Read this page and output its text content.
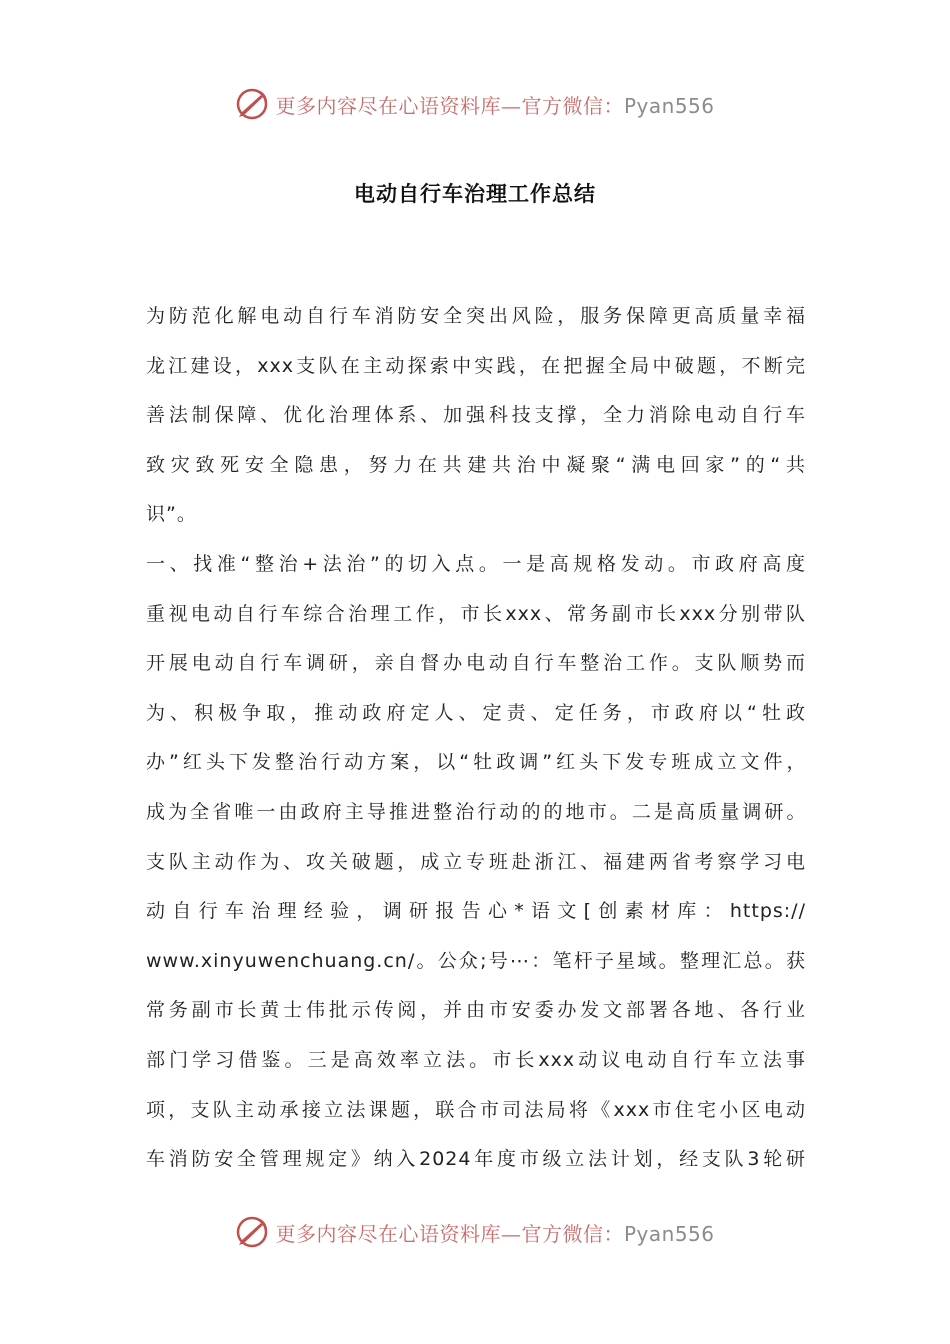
更多内容尽在心语资料库—官方微信：Pyan556
电动自行车治理工作总结
为防范化解电动自行车消防安全突出风险，服务保障更高质量幸福
龙江建设，xxx支队在主动探索中实践，在把握全局中破题，不断完
善法制保障、优化治理体系、加强科技支撑，全力消除电动自行车
致灾致死安全隐患，努力在共建共治中凝聚“满电回家”的“共
识”。
一、找准“整治+法治”的切入点。一是高规格发动。市政府高度
重视电动自行车综合治理工作，市长xxx、常务副市长xxx分别带队
开展电动自行车调研，亲自督办电动自行车整治工作。支队顺势而
为、积极争取，推动政府定人、定责、定任务，市政府以“牡政
办”红头下发整治行动方案，以“牡政调”红头下发专班成立文件，
成为全省唯一由政府主导推进整治行动的的地市。二是高质量调研。
支队主动作为、攻关破题，成立专班赴浙江、福建两省考察学习电
动自行车治理经验，调研报告心*语文[创素材库：https://
www.xinyuwenchuang.cn/。公众;号⋯：笔杆子星域。整理汇总。获
常务副市长黄士伟批示传阅，并由市安委办发文部署各地、各行业
部门学习借鉴。三是高效率立法。市长xxx动议电动自行车立法事
项，支队主动承接立法课题，联合市司法局将《xxx市住宅小区电动
车消防安全管理规定》纳入2024年度市级立法计划，经支队3轮研
更多内容尽在心语资料库—官方微信：Pyan556
